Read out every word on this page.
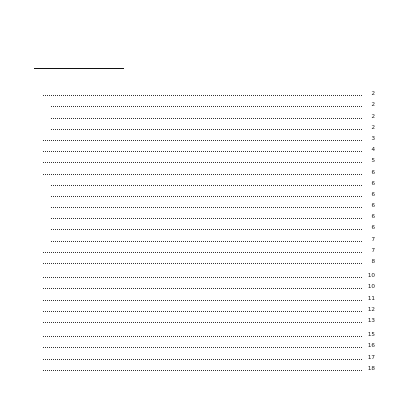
2
2
2
2
3
4
5
6
6
6
6
6
6
7
7
8
10
10
11
12
13
15
16
17
18
